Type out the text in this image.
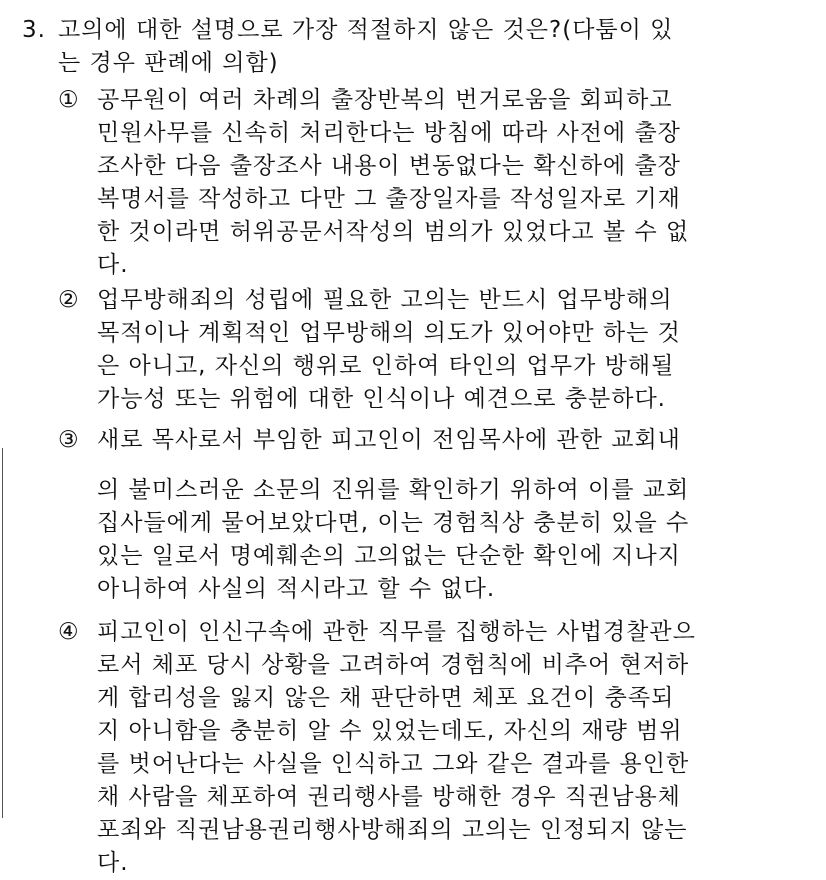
3. 고의에 대한 설명으로 가장 적절하지 않은 것은?(다툼이 있
는 경우 판례에 의함)
① 공무원이 여러 차례의 출장반복의 번거로움을 회피하고
민원사무를 신속히 처리한다는 방침에 따라 사전에 출장
조사한 다음 출장조사 내용이 변동없다는 확신하에 출장
복명서를 작성하고 다만 그 출장일자를 작성일자로 기재
한 것이라면 허위공문서작성의 범의가 있었다고 볼 수 없
다.
② 업무방해죄의 성립에 필요한 고의는 반드시 업무방해의
목적이나 계획적인 업무방해의 의도가 있어야만 하는 것
은 아니고, 자신의 행위로 인하여 타인의 업무가 방해될
가능성 또는 위험에 대한 인식이나 예견으로 충분하다.
③ 새로 목사로서 부임한 피고인이 전임목사에 관한 교회내
의 불미스러운 소문의 진위를 확인하기 위하여 이를 교회
집사들에게 물어보았다면, 이는 경험칙상 충분히 있을 수
있는 일로서 명예훼손의 고의없는 단순한 확인에 지나지
아니하여 사실의 적시라고 할 수 없다.
④ 피고인이 인신구속에 관한 직무를 집행하는 사법경찰관으
로서 체포 당시 상황을 고려하여 경험칙에 비추어 현저하
게 합리성을 잃지 않은 채 판단하면 체포 요건이 충족되
지 아니함을 충분히 알 수 있었는데도, 자신의 재량 범위
를 벗어난다는 사실을 인식하고 그와 같은 결과를 용인한
채 사람을 체포하여 권리행사를 방해한 경우 직권남용체
포죄와 직권남용권리행사방해죄의 고의는 인정되지 않는
다.
